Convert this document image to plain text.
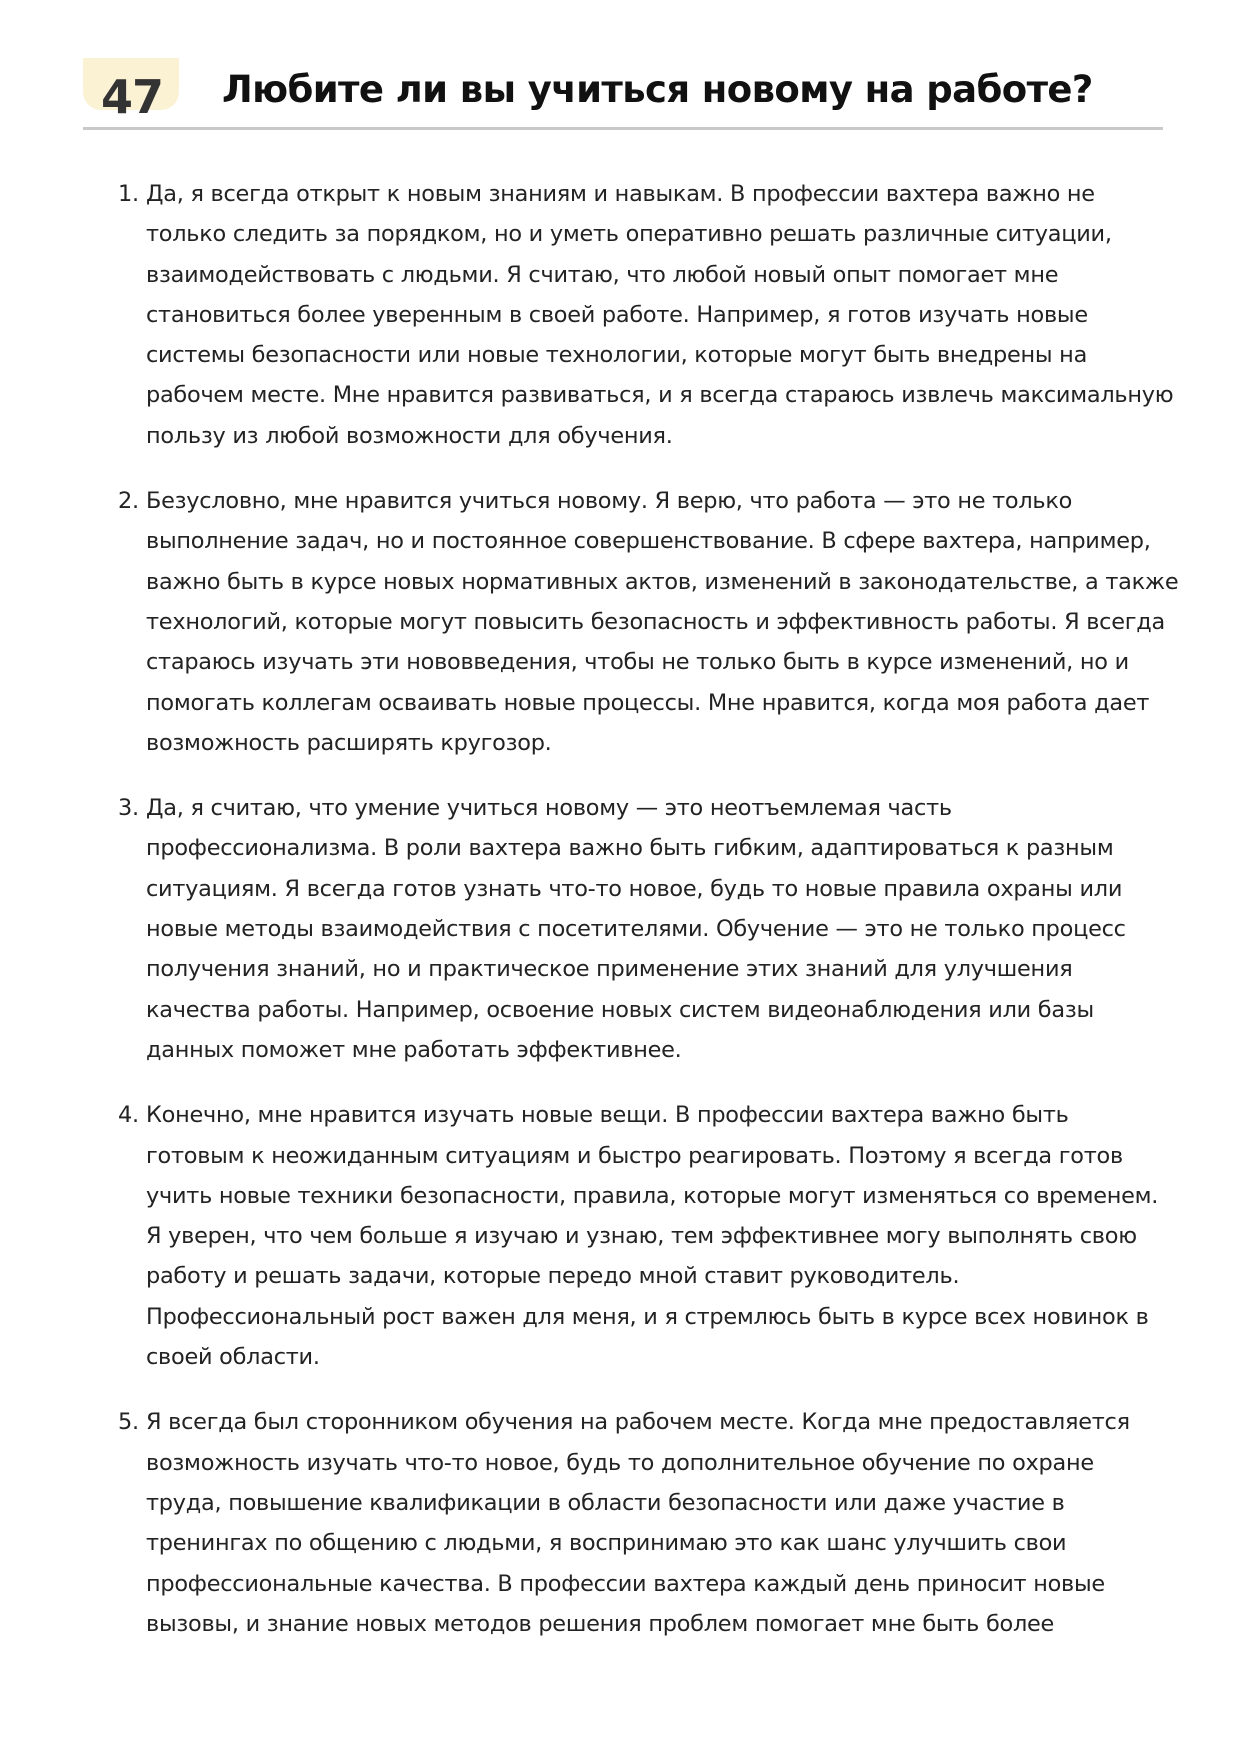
47 Любите ли вы учиться новому на работе?
1. Да, я всегда открыт к новым знаниям и навыкам. В профессии вахтера важно не
только следить за порядком, но и уметь оперативно решать различные ситуации,
взаимодействовать с людьми. Я считаю, что любой новый опыт помогает мне
становиться более уверенным в своей работе. Например, я готов изучать новые
системы безопасности или новые технологии, которые могут быть внедрены на
рабочем месте. Мне нравится развиваться, и я всегда стараюсь извлечь максимальную
пользу из любой возможности для обучения.
2. Безусловно, мне нравится учиться новому. Я верю, что работа — это не только
выполнение задач, но и постоянное совершенствование. В сфере вахтера, например,
важно быть в курсе новых нормативных актов, изменений в законодательстве, а также
технологий, которые могут повысить безопасность и эффективность работы. Я всегда
стараюсь изучать эти нововведения, чтобы не только быть в курсе изменений, но и
помогать коллегам осваивать новые процессы. Мне нравится, когда моя работа дает
возможность расширять кругозор.
3. Да, я считаю, что умение учиться новому — это неотъемлемая часть
профессионализма. В роли вахтера важно быть гибким, адаптироваться к разным
ситуациям. Я всегда готов узнать что-то новое, будь то новые правила охраны или
новые методы взаимодействия с посетителями. Обучение — это не только процесс
получения знаний, но и практическое применение этих знаний для улучшения
качества работы. Например, освоение новых систем видеонаблюдения или базы
данных поможет мне работать эффективнее.
4. Конечно, мне нравится изучать новые вещи. В профессии вахтера важно быть
готовым к неожиданным ситуациям и быстро реагировать. Поэтому я всегда готов
учить новые техники безопасности, правила, которые могут изменяться со временем.
Я уверен, что чем больше я изучаю и узнаю, тем эффективнее могу выполнять свою
работу и решать задачи, которые передо мной ставит руководитель.
Профессиональный рост важен для меня, и я стремлюсь быть в курсе всех новинок в
своей области.
5. Я всегда был сторонником обучения на рабочем месте. Когда мне предоставляется
возможность изучать что-то новое, будь то дополнительное обучение по охране
труда, повышение квалификации в области безопасности или даже участие в
тренингах по общению с людьми, я воспринимаю это как шанс улучшить свои
профессиональные качества. В профессии вахтера каждый день приносит новые
вызовы, и знание новых методов решения проблем помогает мне быть более
